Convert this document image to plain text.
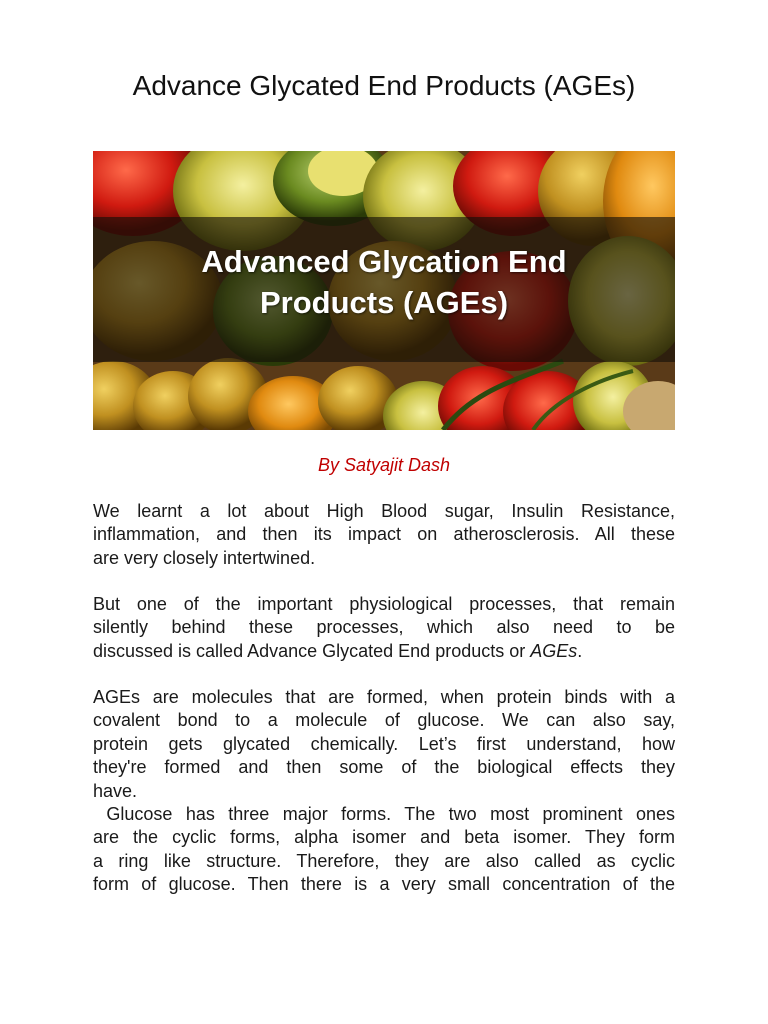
Advance Glycated End Products (AGEs)
Advanced Glycation End
Products (AGEs)
By Satyajit Dash
We learnt a lot about High Blood sugar, Insulin Resistance,
inflammation, and then its impact on atherosclerosis. All these
are very closely intertwined.
But one of the important physiological processes, that remain
silently behind these processes, which also need to be
discussed is called Advance Glycated End products or AGEs.
AGEs are molecules that are formed, when protein binds with a
covalent bond to a molecule of glucose. We can also say,
protein gets glycated chemically. Let’s first understand, how
they're formed and then some of the biological effects they
have.
Glucose has three major forms. The two most prominent ones
are the cyclic forms, alpha isomer and beta isomer. They form
a ring like structure. Therefore, they are also called as cyclic
form of glucose. Then there is a very small concentration of the
